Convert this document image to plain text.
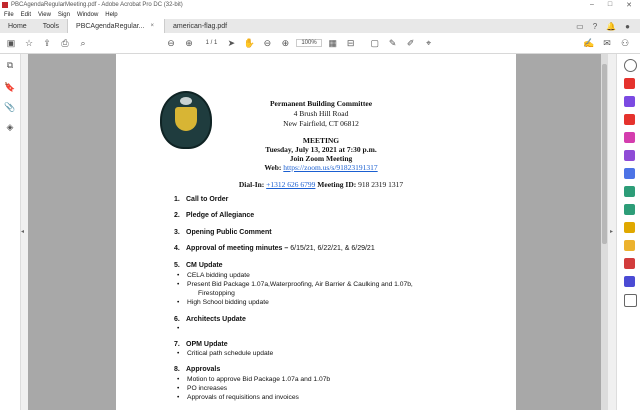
PBCAgendaRegularMeeting.pdf - Adobe Acrobat Pro DC (32-bit)	– □ ✕
File Edit View Sign Window Help
Home Tools PBCAgendaRegular... ×	american-flag.pdf	▭ ? 🔔 ●
▣	☆	⇪	⎙	⌕	⊖	⊕	1 / 1	➤ ✋ ⊖	⊕	100%	▦	⊟	▢	✎	✐	⌖	✍ ✉	⚇
⧉
🔖
📎
◈
◂
Permanent Building Committee
4 Brush Hill Road
New Fairfield, CT 06812
MEETING
Tuesday, July 13, 2021 at 7:30 p.m.
Join Zoom Meeting
Web: https://zoom.us/s/91823191317
Dial-In: +1312 626 6799 Meeting ID: 918 2319 1317
1. Call to Order
2. Pledge of Allegiance
3. Opening Public Comment
4. Approval of meeting minutes – 6/15/21, 6/22/21, & 6/29/21
5. CM Update
• CELA bidding update
• Present Bid Package 1.07a,Waterproofing, Air Barrier & Caulking and 1.07b,
Firestopping
• High School bidding update
6. Architects Update
7. OPM Update
• Critical path schedule update
8. Approvals
• Motion to approve Bid Package 1.07a and 1.07b
• PO increases
• Approvals of requisitions and invoices
▸
